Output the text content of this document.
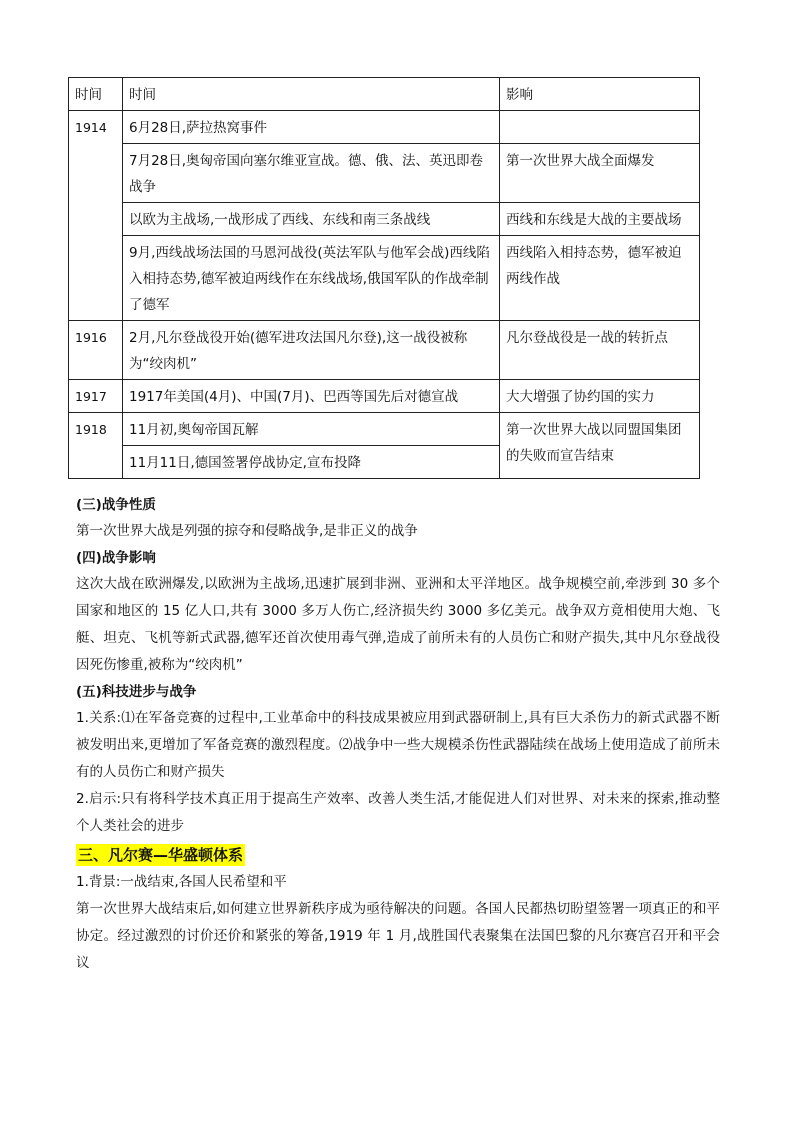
时间	时间	影响
1914	6月28日,萨拉热窝事件	
	7月28日,奥匈帝国向塞尔维亚宣战。德、俄、法、英迅即卷战争	第一次世界大战全面爆发
	以欧为主战场,一战形成了西线、东线和南三条战线	西线和东线是大战的主要战场
	9月,西线战场法国的马恩河战役(英法军队与他军会战)西线陷入相持态势,德军被迫两线作在东线战场,俄国军队的作战牵制了德军	西线陷入相持态势，德军被迫两线作战
1916	2月,凡尔登战役开始(德军进攻法国凡尔登),这一战役被称为“绞肉机”	凡尔登战役是一战的转折点
1917	1917年美国(4月)、中国(7月)、巴西等国先后对德宣战	大大增强了协约国的实力
1918	11月初,奥匈帝国瓦解	第一次世界大战以同盟国集团的失败而宣告结束
	11月11日,德国签署停战协定,宣布投降	

(三)战争性质

第一次世界大战是列强的掠夺和侵略战争,是非正义的战争

(四)战争影响

这次大战在欧洲爆发,以欧洲为主战场,迅速扩展到非洲、亚洲和太平洋地区。战争规模空前,牵涉到 30 多个国家和地区的 15 亿人口,共有 3000 多万人伤亡,经济损失约 3000 多亿美元。战争双方竟相使用大炮、飞艇、坦克、飞机等新式武器,德军还首次使用毒气弹,造成了前所未有的人员伤亡和财产损失,其中凡尔登战役因死伤惨重,被称为“绞肉机”

(五)科技进步与战争

1.关系:⑴在军备竞赛的过程中,工业革命中的科技成果被应用到武器研制上,具有巨大杀伤力的新式武器不断被发明出来,更增加了军备竞赛的激烈程度。⑵战争中一些大规模杀伤性武器陆续在战场上使用造成了前所未有的人员伤亡和财产损失

2.启示:只有将科学技术真正用于提高生产效率、改善人类生活,才能促进人们对世界、对未来的探索,推动整个人类社会的进步

三、凡尔赛—华盛顿体系

1.背景:一战结束,各国人民希望和平

第一次世界大战结束后,如何建立世界新秩序成为亟待解决的问题。各国人民都热切盼望签署一项真正的和平协定。经过激烈的讨价还价和紧张的筹备,1919 年 1 月,战胜国代表聚集在法国巴黎的凡尔赛宫召开和平会议
